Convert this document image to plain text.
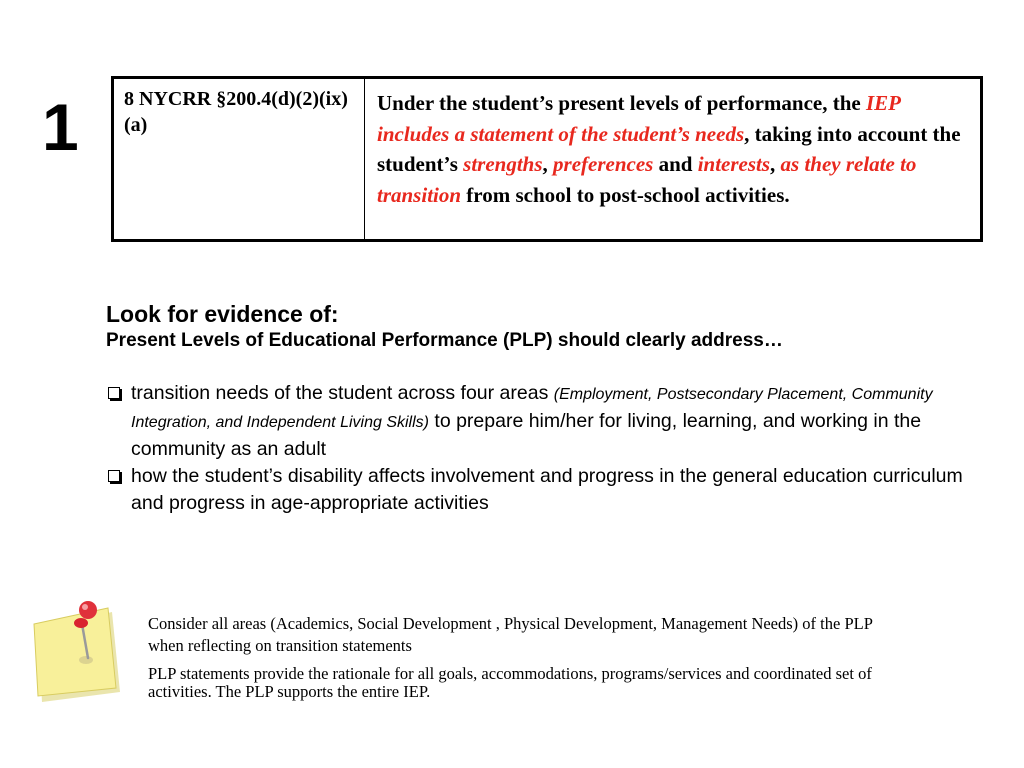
1 8 NYCRR §200.4(d)(2)(ix)(a)	Under the student’s present levels of performance, the IEP includes a statement of the student’s needs, taking into account the student’s strengths, preferences and interests, as they relate to transition from school to post-school activities.
Look for evidence of:
Present Levels of Educational Performance (PLP) should clearly address…
transition needs of the student across four areas (Employment, Postsecondary Placement, Community Integration, and Independent Living Skills) to prepare him/her for living, learning, and working in the community as an adult
how the student’s disability affects involvement and progress in the general education curriculum and progress in age-appropriate activities

Consider all areas (Academics, Social Development , Physical Development, Management Needs) of the PLP when reflecting on transition statements

PLP statements provide the rationale for all goals, accommodations, programs/services and coordinated set of activities. The PLP supports the entire IEP.
